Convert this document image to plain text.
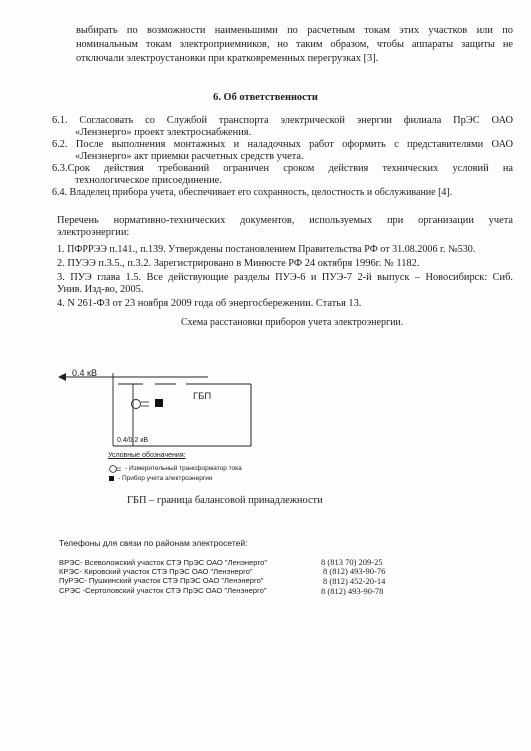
выбирать по возможности наименьшими по расчетным токам этих участков или по
номинальным токам электроприемников, но таким образом, чтобы аппараты защиты не
отключали электроустановки при кратковременных перегрузках [3].
6. Об ответственности
6.1. Согласовать со Службой транспорта электрической энергии филиала ПрЭС ОАО
«Ленэнерго» проект электроснабжения.
6.2. После выполнения монтажных и наладочных работ оформить с представителями ОАО
«Ленэнерго» акт приемки расчетных средств учета.
6.3.Срок действия требований ограничен сроком действия технических условий на
технологическое присоединение.
6.4. Владелец прибора учета, обеспечивает его сохранность, целостность и обслуживание [4].
Перечень нормативно-технических документов, используемых при организации учета
электроэнергии:
1. ПФРРЭЭ п.141., п.139. Утверждены постановлением Правительства РФ от 31.08.2006 г. №530.
2. ПУЭЭ п.3.5., п.3.2. Зарегистрировано в Минюсте РФ 24 октября 1996г. № 1182.
3. ПУЭ глава 1.5. Все действующие разделы ПУЭ-6 и ПУЭ-7 2-й выпуск – Новосибирск: Сиб.
Унив. Изд-во, 2005.
4. N 261-ФЗ от 23 ноября 2009 года об энергосбережении. Статья 13.
Схема расстановки приборов учета электроэнергии.
0.4 кВ
ГБП
0.4/0.2 кВ
Условные обозначения:
- Измерительный трансформатор тока
- Прибор учета электроэнергии
ГБП – граница балансовой принадлежности
Телефоны для связи по районам электросетей:
ВРЭС- Всеволожский участок СТЭ ПрЭС ОАО "Ленэнерго"	8 (813 70) 209-25
КРЭС- Кировский участок СТЭ ПрЭС ОАО "Ленэнерго"	8 (812) 493-90-76
ПуРЭС- Пушкинский участок СТЭ ПрЭС ОАО "Ленэнерго"	8 (812) 452-20-14
СРЭС -Сертоловский участок СТЭ ПрЭС ОАО "Ленэнерго"	8 (812) 493-90-78
